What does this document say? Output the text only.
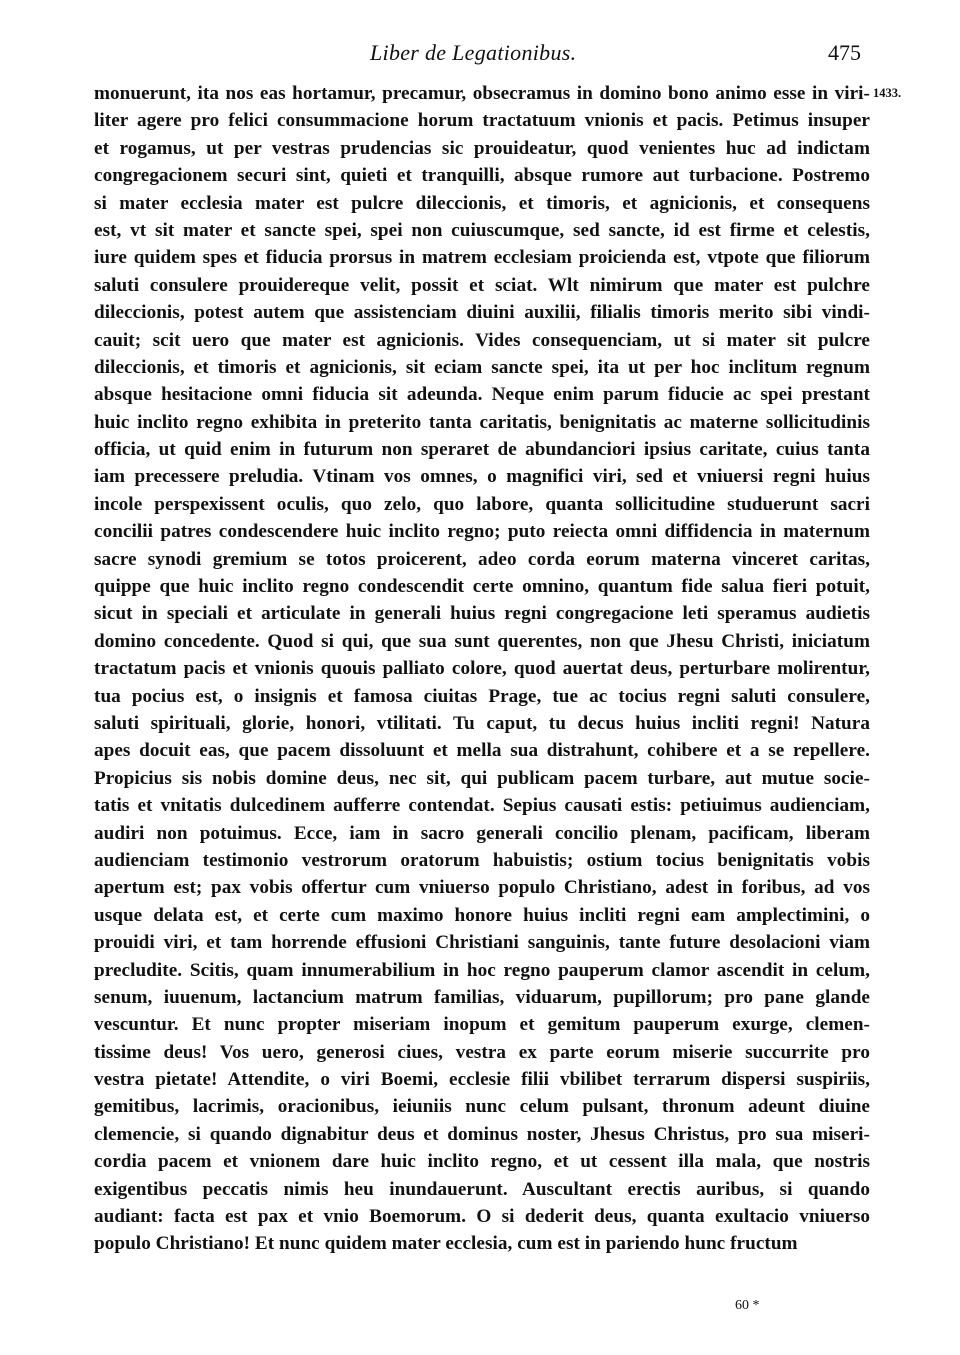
Liber de Legationibus.	475
1433.
monuerunt, ita nos eas hortamur, precamur, obsecramus in domino bono animo esse in viri-
liter agere pro felici consummacione horum tractatuum vnionis et pacis. Petimus insuper
et rogamus, ut per vestras prudencias sic prouideatur, quod venientes huc ad indictam
congregacionem securi sint, quieti et tranquilli, absque rumore aut turbacione. Postremo
si mater ecclesia mater est pulcre dileccionis, et timoris, et agnicionis, et consequens
est, vt sit mater et sancte spei, spei non cuiuscumque, sed sancte, id est firme et celestis,
iure quidem spes et fiducia prorsus in matrem ecclesiam proicienda est, vtpote que filiorum
saluti consulere prouidereque velit, possit et sciat. Wlt nimirum que mater est pulchre
dileccionis, potest autem que assistenciam diuini auxilii, filialis timoris merito sibi vindi-
cauit; scit uero que mater est agnicionis. Vides consequenciam, ut si mater sit pulcre
dileccionis, et timoris et agnicionis, sit eciam sancte spei, ita ut per hoc inclitum regnum
absque hesitacione omni fiducia sit adeunda. Neque enim parum fiducie ac spei prestant
huic inclito regno exhibita in preterito tanta caritatis, benignitatis ac materne sollicitudinis
officia, ut quid enim in futurum non speraret de abundanciori ipsius caritate, cuius tanta
iam precessere preludia. Vtinam vos omnes, o magnifici viri, sed et vniuersi regni huius
incole perspexissent oculis, quo zelo, quo labore, quanta sollicitudine studuerunt sacri
concilii patres condescendere huic inclito regno; puto reiecta omni diffidencia in maternum
sacre synodi gremium se totos proicerent, adeo corda eorum materna vinceret caritas,
quippe que huic inclito regno condescendit certe omnino, quantum fide salua fieri potuit,
sicut in speciali et articulate in generali huius regni congregacione leti speramus audietis
domino concedente. Quod si qui, que sua sunt querentes, non que Jhesu Christi, iniciatum
tractatum pacis et vnionis quouis palliato colore, quod auertat deus, perturbare molirentur,
tua pocius est, o insignis et famosa ciuitas Prage, tue ac tocius regni saluti consulere,
saluti spirituali, glorie, honori, vtilitati. Tu caput, tu decus huius incliti regni! Natura
apes docuit eas, que pacem dissoluunt et mella sua distrahunt, cohibere et a se repellere.
Propicius sis nobis domine deus, nec sit, qui publicam pacem turbare, aut mutue socie-
tatis et vnitatis dulcedinem aufferre contendat. Sepius causati estis: petiuimus audienciam,
audiri non potuimus. Ecce, iam in sacro generali concilio plenam, pacificam, liberam
audienciam testimonio vestrorum oratorum habuistis; ostium tocius benignitatis vobis
apertum est; pax vobis offertur cum vniuerso populo Christiano, adest in foribus, ad vos
usque delata est, et certe cum maximo honore huius incliti regni eam amplectimini, o
prouidi viri, et tam horrende effusioni Christiani sanguinis, tante future desolacioni viam
precludite. Scitis, quam innumerabilium in hoc regno pauperum clamor ascendit in celum,
senum, iuuenum, lactancium matrum familias, viduarum, pupillorum; pro pane glande
vescuntur. Et nunc propter miseriam inopum et gemitum pauperum exurge, clemen-
tissime deus! Vos uero, generosi ciues, vestra ex parte eorum miserie succurrite pro
vestra pietate! Attendite, o viri Boemi, ecclesie filii vbilibet terrarum dispersi suspiriis,
gemitibus, lacrimis, oracionibus, ieiuniis nunc celum pulsant, thronum adeunt diuine
clemencie, si quando dignabitur deus et dominus noster, Jhesus Christus, pro sua miseri-
cordia pacem et vnionem dare huic inclito regno, et ut cessent illa mala, que nostris
exigentibus peccatis nimis heu inundauerunt. Auscultant erectis auribus, si quando
audiant: facta est pax et vnio Boemorum. O si dederit deus, quanta exultacio vniuerso
populo Christiano! Et nunc quidem mater ecclesia, cum est in pariendo hunc fructum
60 *
